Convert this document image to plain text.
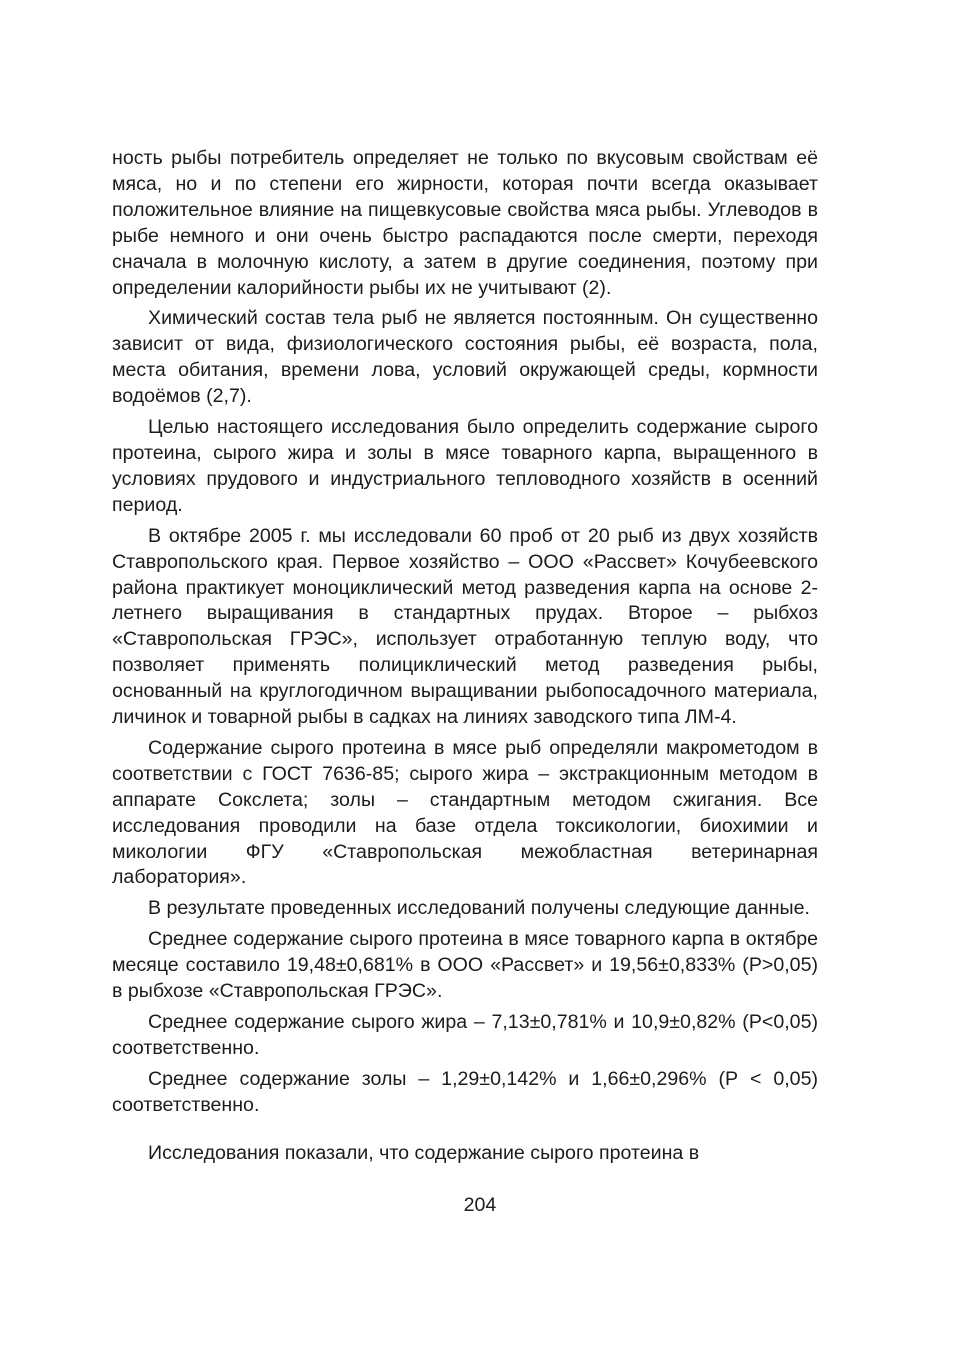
ность рыбы потребитель определяет не только по вкусовым свойствам её мяса, но и по степени его жирности, которая почти всегда оказывает положительное влияние на пищевкусовые свойства мяса рыбы. Углеводов в рыбе немного и они очень быстро распадаются после смерти, переходя сначала в молочную кислоту, а затем в другие соединения, поэтому при определении калорийности рыбы их не учитывают (2).

Химический состав тела рыб не является постоянным. Он существенно зависит от вида, физиологического состояния рыбы, её возраста, пола, места обитания, времени лова, условий окружающей среды, кормности водоёмов (2,7).

Целью настоящего исследования было определить содержание сырого протеина, сырого жира и золы в мясе товарного карпа, выращенного в условиях прудового и индустриального тепловодного хозяйств в осенний период.

В октябре 2005 г. мы исследовали 60 проб от 20 рыб из двух хозяйств Ставропольского края. Первое хозяйство – ООО «Рассвет» Кочубеевского района практикует моноциклический метод разведения карпа на основе 2-летнего выращивания в стандартных прудах. Второе – рыбхоз «Ставропольская ГРЭС», использует отработанную теплую воду, что позволяет применять полициклический метод разведения рыбы, основанный на круглогодичном выращивании рыбопосадочного материала, личинок и товарной рыбы в садках на линиях заводского типа ЛМ-4.

Содержание сырого протеина в мясе рыб определяли макрометодом в соответствии с ГОСТ 7636-85; сырого жира – экстракционным методом в аппарате Сокслета; золы – стандартным методом сжигания. Все исследования проводили на базе отдела токсикологии, биохимии и микологии ФГУ «Ставропольская межобластная ветеринарная лаборатория».

В результате проведенных исследований получены следующие данные.

Среднее содержание сырого протеина в мясе товарного карпа в октябре месяце составило 19,48±0,681% в ООО «Рассвет» и 19,56±0,833% (Р>0,05) в рыбхозе «Ставропольская ГРЭС».

Среднее содержание сырого жира – 7,13±0,781% и 10,9±0,82% (Р<0,05) соответственно.

Среднее содержание золы – 1,29±0,142% и 1,66±0,296% (Р < 0,05) соответственно.

Исследования показали, что содержание сырого протеина в

204
